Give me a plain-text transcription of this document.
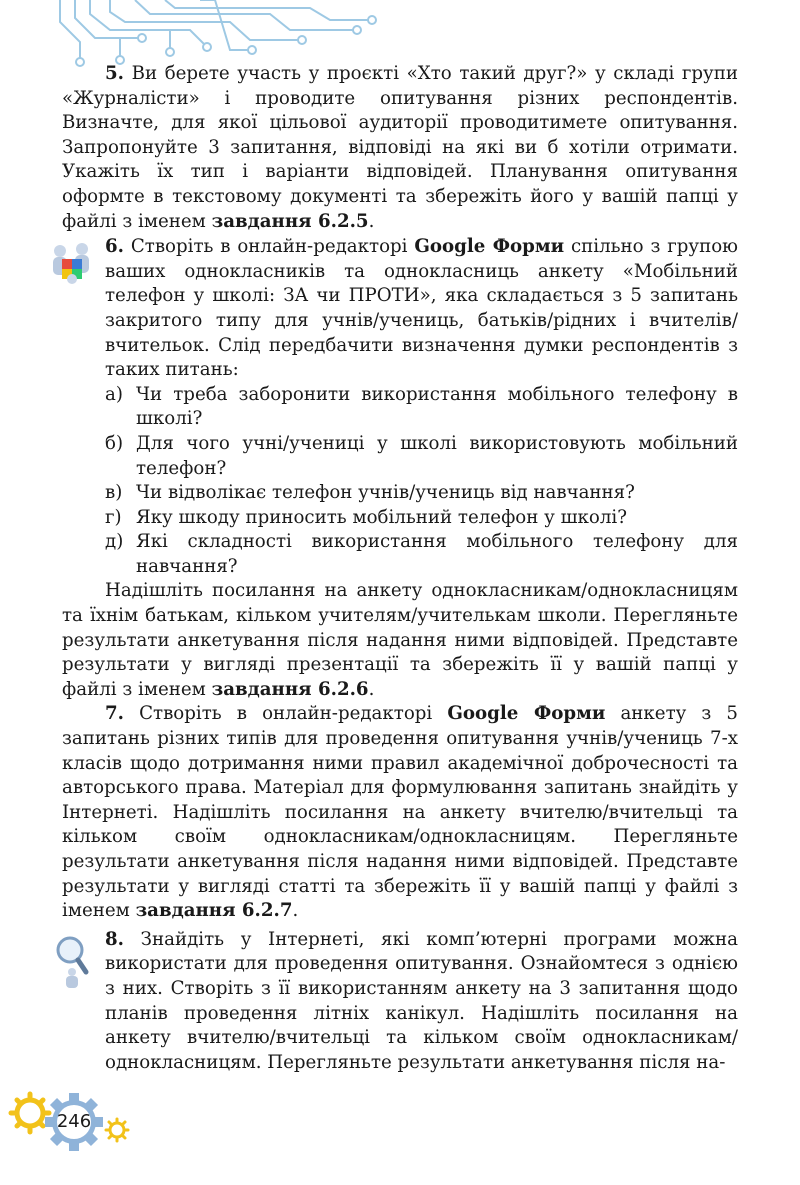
5. Ви берете участь у проєкті «Хто такий друг?» у складі групи «Журналісти» і проводите опитування різних респондентів. Визначте, для якої цільової аудиторії проводитимете опитування. Запропонуйте 3 запитання, відповіді на які ви б хотіли отримати. Укажіть їх тип і варіанти відповідей. Планування опитування оформте в текстовому документі та збережіть його у вашій папці у файлі з іменем завдання 6.2.5.

6. Створіть в онлайн-редакторі Google Форми спільно з групою ваших однокласників та однокласниць анкету «Мобільний телефон у школі: ЗА чи ПРОТИ», яка складається з 5 запитань закритого типу для учнів/учениць, батьків/рідних і вчителів/вчительок. Слід передбачити визначення думки респондентів з таких питань:

а) Чи треба заборонити використання мобільного телефону в школі?
б) Для чого учні/учениці у школі використовують мобільний телефон?
в) Чи відволікає телефон учнів/учениць від навчання?
г) Яку шкоду приносить мобільний телефон у школі?
д) Які складності використання мобільного телефону для навчання?

Надішліть посилання на анкету однокласникам/однокласницям та їхнім батькам, кільком учителям/учителькам школи. Перегляньте результати анкетування після надання ними відповідей. Представте результати у вигляді презентації та збережіть її у вашій папці у файлі з іменем завдання 6.2.6.

7. Створіть в онлайн-редакторі Google Форми анкету з 5 запитань різних типів для проведення опитування учнів/учениць 7-х класів щодо дотримання ними правил академічної доброчесності та авторського права. Матеріал для формулювання запитань знайдіть у Інтернеті. Надішліть посилання на анкету вчителю/вчительці та кільком своїм однокласникам/однокласницям. Перегляньте результати анкетування після надання ними відповідей. Представте результати у вигляді статті та збережіть її у вашій папці у файлі з іменем завдання 6.2.7.

8. Знайдіть у Інтернеті, які комп’ютерні програми можна використати для проведення опитування. Ознайомтеся з однією з них. Створіть з її використанням анкету на 3 запитання щодо планів проведення літніх канікул. Надішліть посилання на анкету вчителю/вчительці та кільком своїм однокласникам/однокласницям. Перегляньте результати анкетування після на-

246
